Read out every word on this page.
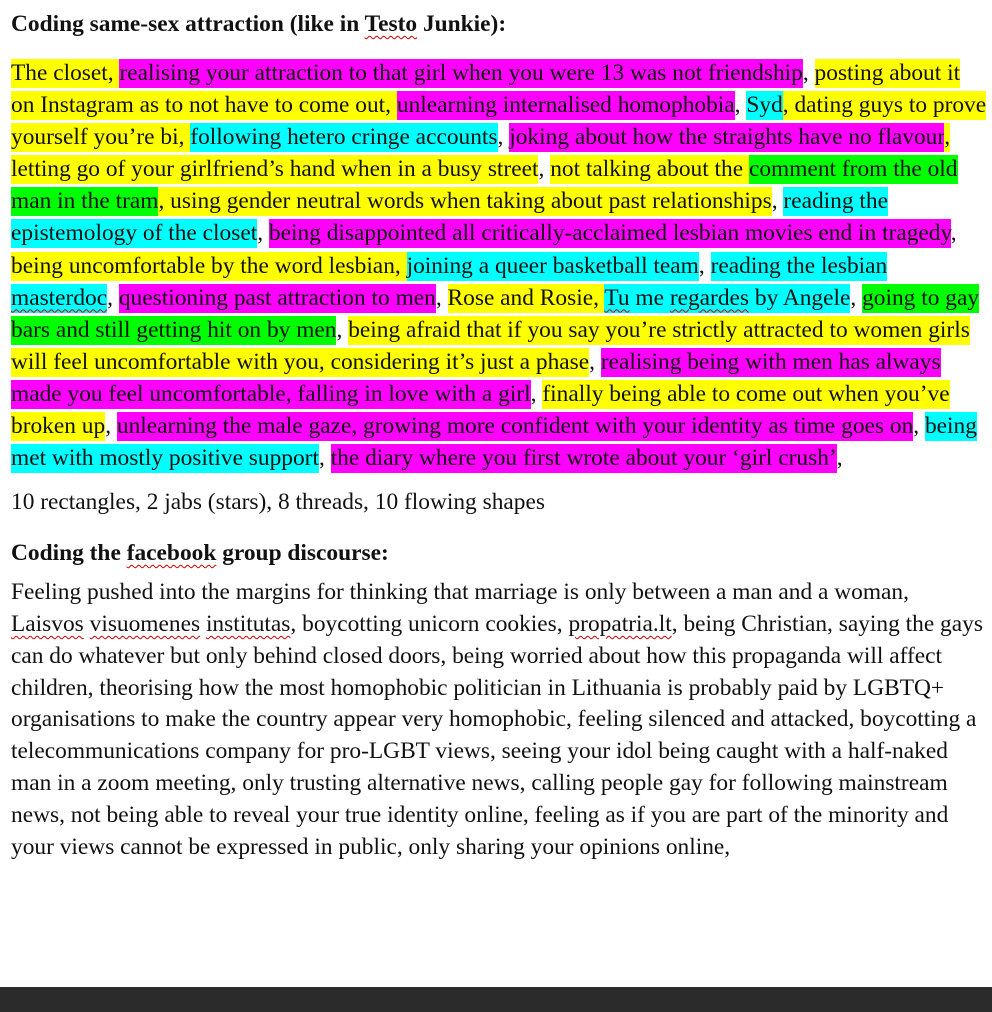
Coding same-sex attraction (like in Testo Junkie):

The closet, realising your attraction to that girl when you were 13 was not friendship, posting about it on Instagram as to not have to come out, unlearning internalised homophobia, Syd, dating guys to prove yourself you’re bi, following hetero cringe accounts, joking about how the straights have no flavour, letting go of your girlfriend’s hand when in a busy street, not talking about the comment from the old man in the tram, using gender neutral words when taking about past relationships, reading the epistemology of the closet, being disappointed all critically-acclaimed lesbian movies end in tragedy, being uncomfortable by the word lesbian, joining a queer basketball team, reading the lesbian masterdoc, questioning past attraction to men, Rose and Rosie, Tu me regardes by Angele, going to gay bars and still getting hit on by men, being afraid that if you say you’re strictly attracted to women girls will feel uncomfortable with you, considering it’s just a phase, realising being with men has always made you feel uncomfortable, falling in love with a girl, finally being able to come out when you’ve broken up, unlearning the male gaze, growing more confident with your identity as time goes on, being met with mostly positive support, the diary where you first wrote about your ‘girl crush’,

10 rectangles, 2 jabs (stars), 8 threads, 10 flowing shapes

Coding the facebook group discourse:

Feeling pushed into the margins for thinking that marriage is only between a man and a woman, Laisvos visuomenes institutas, boycotting unicorn cookies, propatria.lt, being Christian, saying the gays can do whatever but only behind closed doors, being worried about how this propaganda will affect children, theorising how the most homophobic politician in Lithuania is probably paid by LGBTQ+ organisations to make the country appear very homophobic, feeling silenced and attacked, boycotting a telecommunications company for pro-LGBT views, seeing your idol being caught with a half-naked man in a zoom meeting, only trusting alternative news, calling people gay for following mainstream news, not being able to reveal your true identity online, feeling as if you are part of the minority and your views cannot be expressed in public, only sharing your opinions online,
